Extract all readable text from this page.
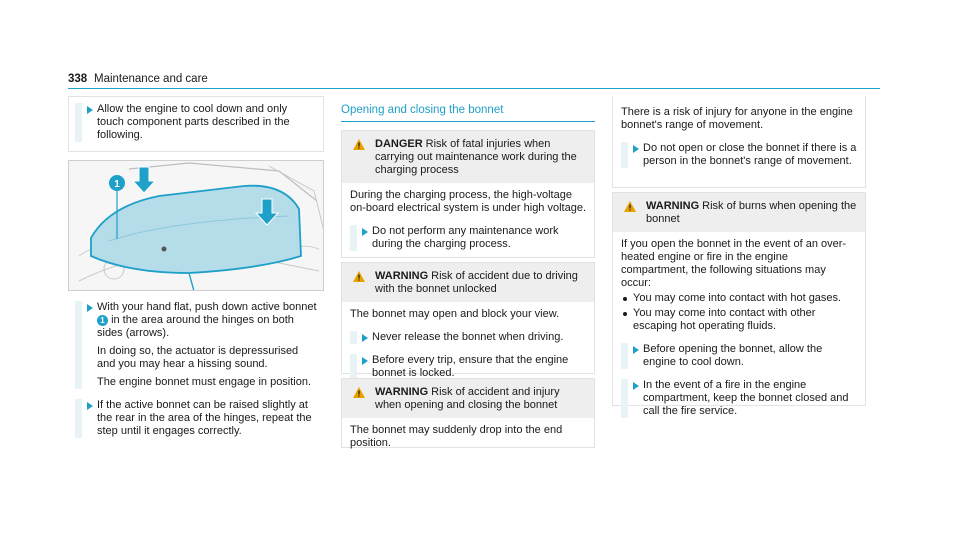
338 Maintenance and care

Allow the engine to cool down and only touch component parts described in the following.

1

With your hand flat, push down active bonnet 1 in the area around the hinges on both sides (arrows).

In doing so, the actuator is depressurised and you may hear a hissing sound.

The engine bonnet must engage in position.

If the active bonnet can be raised slightly at the rear in the area of the hinges, repeat the step until it engages correctly.

Opening and closing the bonnet
DANGER Risk of fatal injuries when carrying out maintenance work during the charging process

During the charging process, the high-voltage on-board electrical system is under high voltage.

Do not perform any maintenance work during the charging process.

WARNING Risk of accident due to driving with the bonnet unlocked

The bonnet may open and block your view.

Never release the bonnet when driving.

Before every trip, ensure that the engine bonnet is locked.

WARNING Risk of accident and injury when opening and closing the bonnet

The bonnet may suddenly drop into the end position.

There is a risk of injury for anyone in the engine bonnet's range of movement.

Do not open or close the bonnet if there is a person in the bonnet's range of movement.

WARNING Risk of burns when opening the bonnet

If you open the bonnet in the event of an over-heated engine or fire in the engine compartment, the following situations may occur:

You may come into contact with hot gases.
You may come into contact with other escaping hot operating fluids.

Before opening the bonnet, allow the engine to cool down.

In the event of a fire in the engine compartment, keep the bonnet closed and call the fire service.
